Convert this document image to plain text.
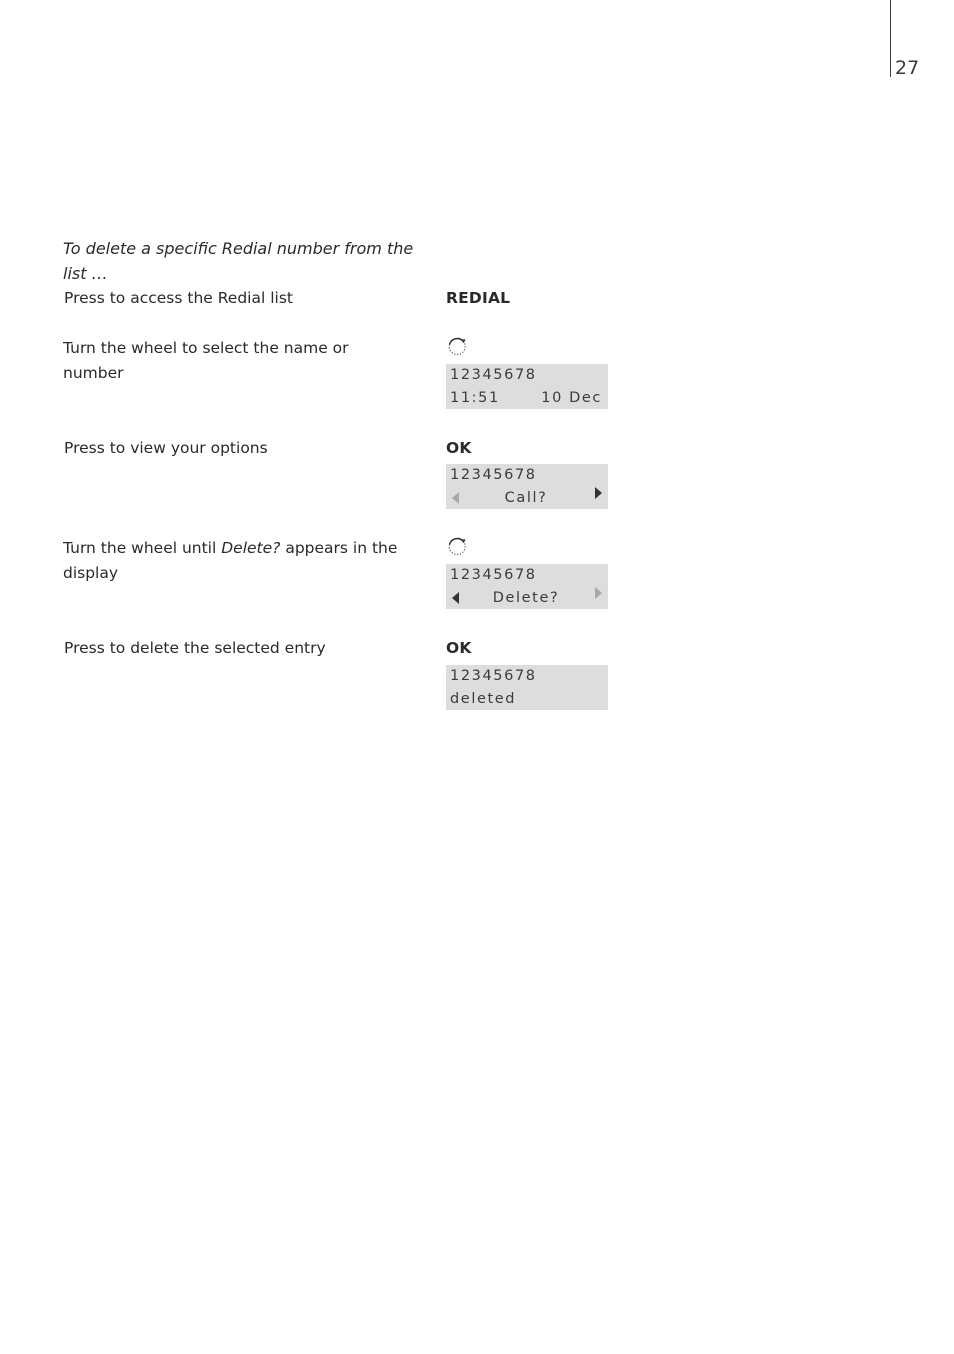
27
To delete a specific Redial number from the list …
Press to access the Redial list	REDIAL
Turn the wheel to select the name or number	12345678
11:51	10 Dec
Press to view your options	OK
12345678
Call?
Turn the wheel until Delete? appears in the display	12345678
Delete?
Press to delete the selected entry	OK
12345678
deleted
